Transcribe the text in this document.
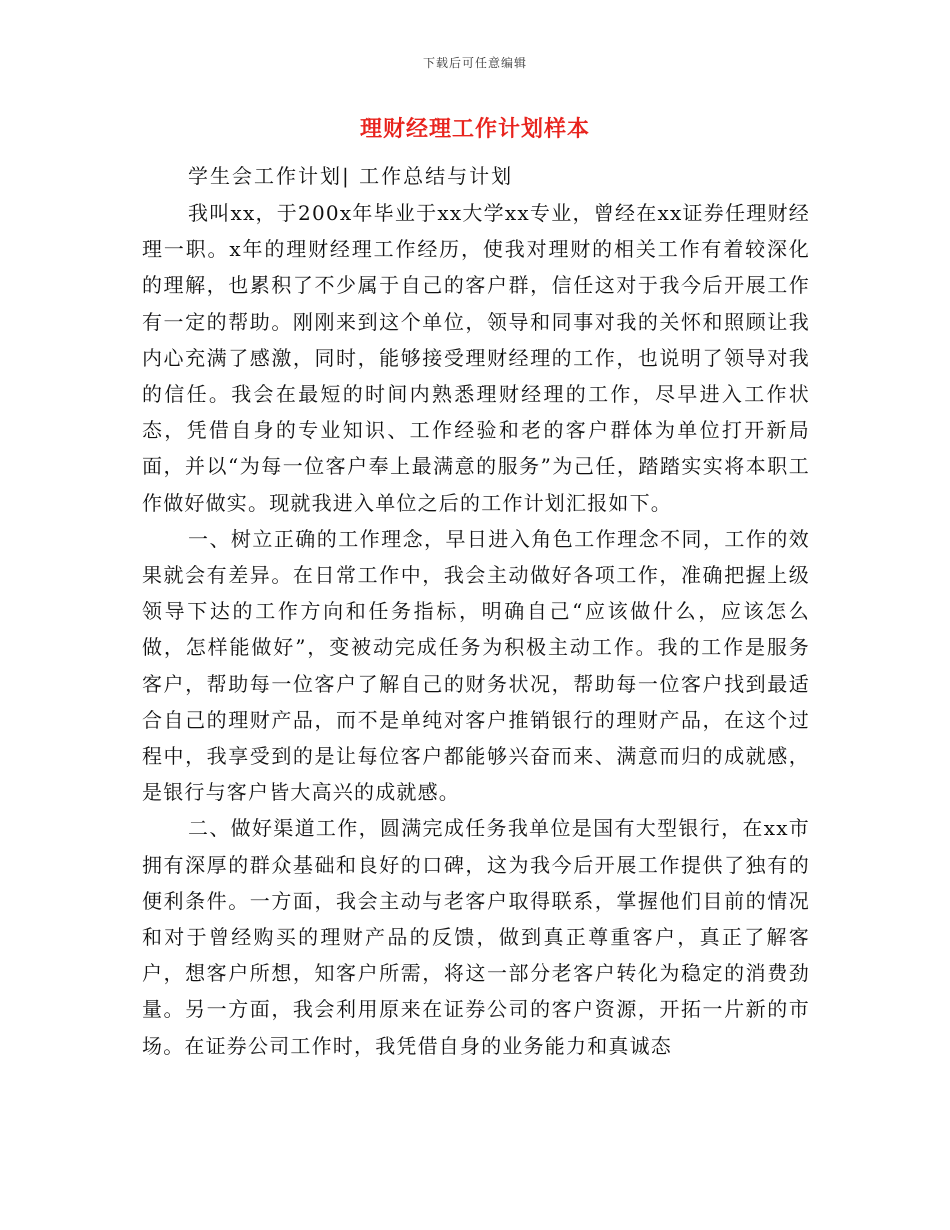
下载后可任意编辑
理财经理工作计划样本
学生会工作计划| 工作总结与计划

我叫xx，于200x年毕业于xx大学xx专业，曾经在xx证券任理财经理一职。x年的理财经理工作经历，使我对理财的相关工作有着较深化的理解，也累积了不少属于自己的客户群，信任这对于我今后开展工作有一定的帮助。刚刚来到这个单位，领导和同事对我的关怀和照顾让我内心充满了感激，同时，能够接受理财经理的工作，也说明了领导对我的信任。我会在最短的时间内熟悉理财经理的工作，尽早进入工作状态，凭借自身的专业知识、工作经验和老的客户群体为单位打开新局面，并以“为每一位客户奉上最满意的服务”为己任，踏踏实实将本职工作做好做实。现就我进入单位之后的工作计划汇报如下。

一、树立正确的工作理念，早日进入角色工作理念不同，工作的效果就会有差异。在日常工作中，我会主动做好各项工作，准确把握上级领导下达的工作方向和任务指标，明确自己“应该做什么，应该怎么做，怎样能做好”，变被动完成任务为积极主动工作。我的工作是服务客户，帮助每一位客户了解自己的财务状况，帮助每一位客户找到最适合自己的理财产品，而不是单纯对客户推销银行的理财产品，在这个过程中，我享受到的是让每位客户都能够兴奋而来、满意而归的成就感，是银行与客户皆大高兴的成就感。

二、做好渠道工作，圆满完成任务我单位是国有大型银行，在xx市拥有深厚的群众基础和良好的口碑，这为我今后开展工作提供了独有的便利条件。一方面，我会主动与老客户取得联系，掌握他们目前的情况和对于曾经购买的理财产品的反馈，做到真正尊重客户，真正了解客户，想客户所想，知客户所需，将这一部分老客户转化为稳定的消费劲量。另一方面，我会利用原来在证券公司的客户资源，开拓一片新的市场。在证券公司工作时，我凭借自身的业务能力和真诚态
